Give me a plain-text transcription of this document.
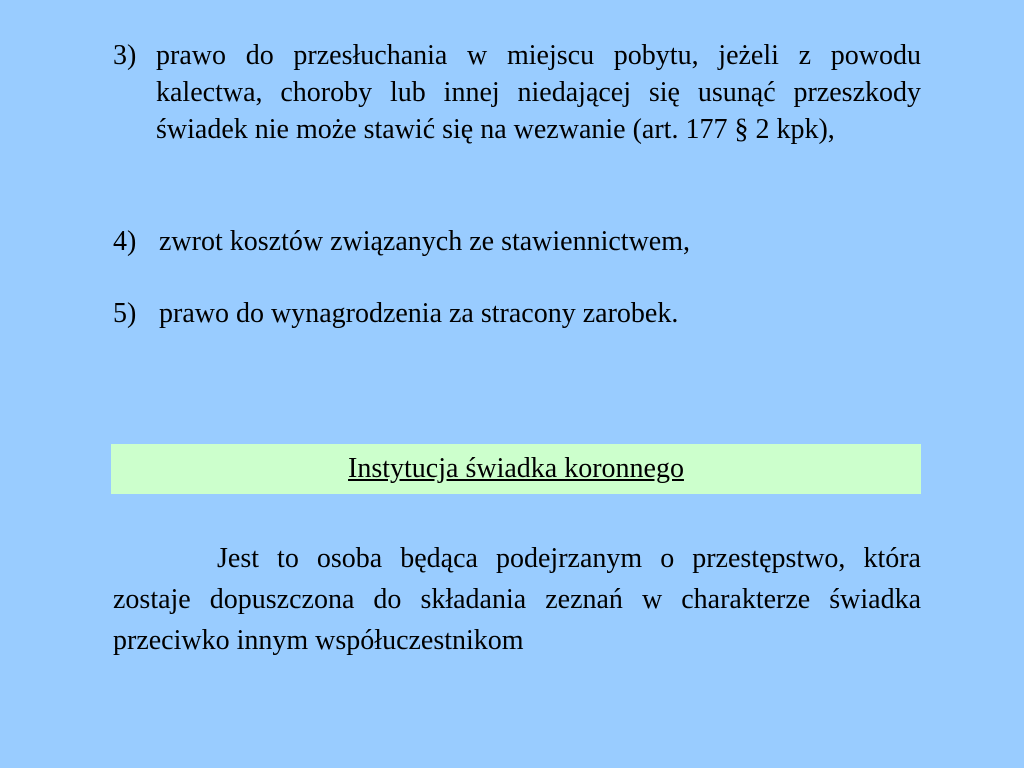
3) prawo do przesłuchania w miejscu pobytu, jeżeli z powodu kalectwa, choroby lub innej niedającej się usunąć przeszkody świadek nie może stawić się na wezwanie (art. 177 § 2 kpk),
4) zwrot kosztów związanych ze stawiennictwem,
5) prawo do wynagrodzenia za stracony zarobek.
Instytucja świadka koronnego

Jest to osoba będąca podejrzanym o przestępstwo, która zostaje dopuszczona do składania zeznań w charakterze świadka przeciwko innym współuczestnikom
